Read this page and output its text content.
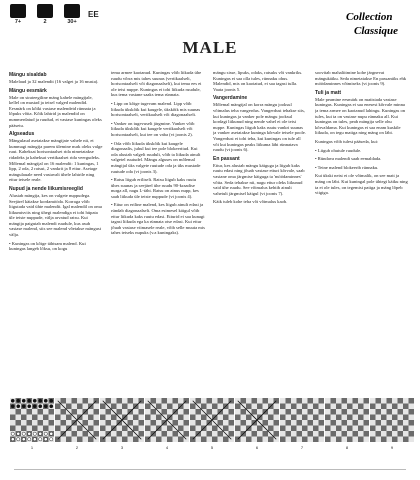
7+	2	30+
EE
MALE
Collection
Classique
Mängu sisaldab

Malelaud ja 32 malendit (16 valget ja 16 musta).

Mängu eesmärk

Male on strateegiline mäng kahele mängijale, kellel on mustad ja teisel valged malendid. Eesmärk on kõiki vastase malendeid rünnata ja lõpuks võita. Kõik lahtrid ja malendid on nummerdatud ja ruudud, et vastase kuningas oleks pääsetu.

Algseadus

Mängulaud asetatakse mängijate vahele nii, et kummagi mängija parem ülemine nurk oleks valge ruut. Kaheksat horisontaalset rida nimetatakse ridadeks ja kaheksat vertikaalset rida veergudeks. Mõlemal mängijal on 16 malendit: 1 kuningas, 1 lipp, 2 oda, 2 ratsut, 2 vankrit ja 8 ettur. Asetage mängulauale need vastavalt ühele lahtrile ning ettur teisele reale.

Nupud ja nende liikumisreeglid

Alustab mängija, kes on valgete nuppudega. Seejärel käiakse kordamööda. Korraga võib liigutada vaid ühte malendit. Igal malendil on oma liikumisviis ning ühegi malendiga ei tohi hüpata üle teiste nuppude, välja arvatud ratsu. Kui mängija paigutab malendi ruudule, kus asub vastase malend, siis see malend võetakse mängust välja.

• Kuningas on kõige tähtsam malend. Kui kuningas langeb lõksu, on kogu

tema armee kaotanud. Kuningas võib liikuda ühe ruudu võrra mis tahes suunas (vertikaalselt, horisontaalselt või diagonaalselt), kui tema ees ei ole teisi nuppe. Kuningas ei tohi liikuda ruudule, kus tema vastane saaks tema rünnata.

• Lipp on kõige tugevam malend. Lipp võib liikuda ükskõik kui kaugele, ükskõik mis suunas horisontaalselt, vertikaalselt või diagonaalselt.

• Vanker on tugevuselt järgmine. Vanker võib liikuda ükskõik kui kaugele vertikaalselt või horisontaalselt, kui tee on vaba (vt joonis 2).

• Oda võib liikuda ükskõik kui kaugele diagonaalis, juhul kui tee pole blokeeritud. Kui oda alustab valgelt ruudult, võib ta liikuda ainult valgetel ruutudel. Mängu alguses on mõlemal mängijal üks valgete ruutude oda ja üks mustade ruutude oda (vt joonis 3).

• Ratsu liigub eriliselt. Ratsu liigub kaks ruutu ühes suunas ja seejärel ühe ruudu 90-kraadise nurga all, nagu L-täht. Ratsu on ainus nupp, kes saab liikuda üle teiste nuppude (vt joonis 4).

• Ettur on eriline malend, kes liigub ainult edasi ja ründab diagonaalselt. Oma esimesel käigul võib ettur liikuda kaks ruutu edasi. Etturid ei saa kunagi tagasi liikuda ega ka rünnata otse edasi. Kui ettur jõuab vastase viimasele reale, võib selle muuta mis tahes teiseks nupuks (v.a kuningaks).

mängu sisse, lipuks, odaks, ratsuks või vankriks. Kuningas ei saa olla tules, rünnaku ohus. Malendid, mis on kaotatud, ei saa tagasi tulla. Vaata joonis 5.

Vangerdamine

Mõlemal mängijal on korra mängu jooksul võimalus teha vangerdus. Vangerdust tehakse siis, kui kuningas ja vanker pole mängu jooksul kordagi liikunud ning nende vahel ei ole teisi nuppe. Kuningas liigub kaks ruutu vankri suunas ja vanker asetatakse kuninga kõrvale teisele poole. Vangerdust ei tohi teha, kui kuningas on tule all või kui kuningas peaks liikuma läbi rünnatava ruudu (vt joonis 6).

En passant

Ettur, kes alustab mängu käiguga ja liigub kaks ruutu edasi ning jõuab vastase etturi kõrvale, saab vastane oma järgmise käiguga ta 'möödaminnes' võtta. Seda tehakse nii, nagu ettur oleks liikunud vaid ühe ruudu. See võimalus kehtib ainult vahetult järgmisel käigul (vt joonis 7).

Käik tuleb kohe teha või võimalus kaob.

soovitab mahaliitmine kohe järgnevat mängukäiku. Seda nimetatakse En passantiks ehk möödaminnes võtmiseks (vt joonis 9).

Tuli ja matt

Male peamine eesmärk on matistada vastase kuningas. Kuningas ei saa enesest kõrvale minna ja tema armee on kaotanud lahingu. Kuningas on tules, kui ta on vastase nupu rünnaku all. Kui kuningas on tules, peab mängija selle ohu kõrvaldama. Kui kuningas ei saa enam kuskile liikuda, on tegu matiga ning mäng on läbi.

Kuningas võib tulest pääseda, kui:

• Liigub ohutule ruudule.

• Ründava malendi saab eemaldada.

• Teine malend blokeerib rünnaku.

Kui ükski neist ei ole võimalik, on see matt ja mäng on läbi. Kui kuningal pole ühtegi käiku ning ta ei ole tules, on tegemist patiga ja mäng lõpeb viigiga.

1	2	3	4	5	6	7	8	9
